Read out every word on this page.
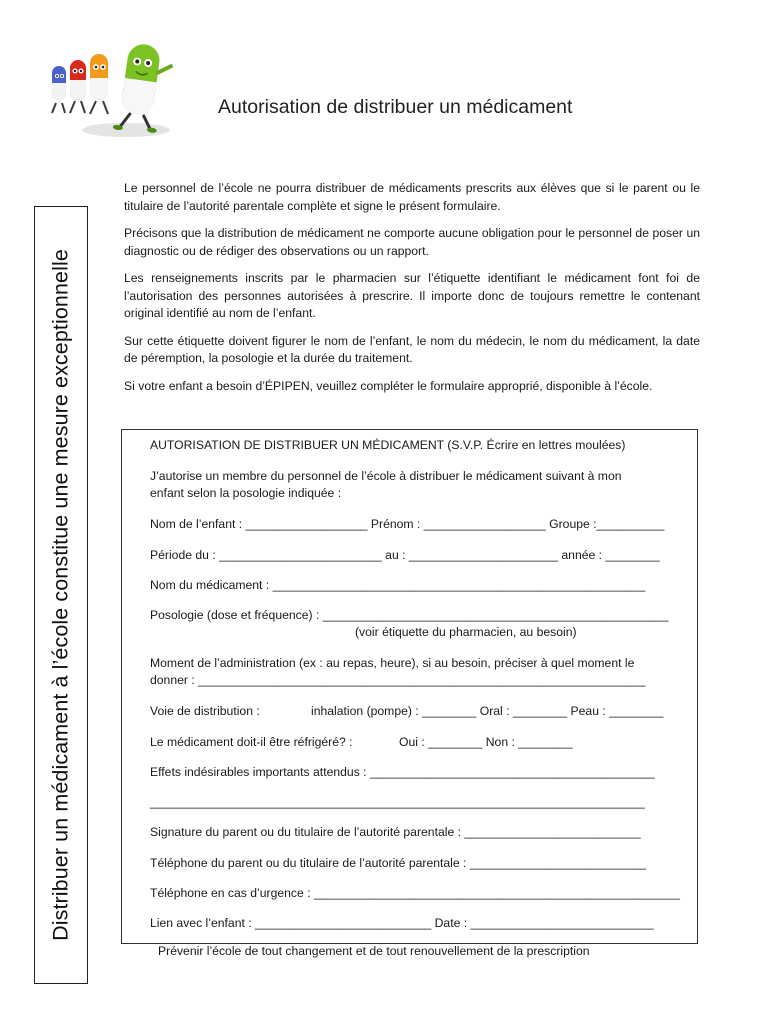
Autorisation de distribuer un médicament
Distribuer un médicament à l’école constitue une mesure exceptionnelle

Le personnel de l’école ne pourra distribuer de médicaments prescrits aux élèves que si le parent ou le titulaire de l’autorité parentale complète et signe le présent formulaire.

Précisons que la distribution de médicament ne comporte aucune obligation pour le personnel de poser un diagnostic ou de rédiger des observations ou un rapport.

Les renseignements inscrits par le pharmacien sur l’étiquette identifiant le médicament font foi de l’autorisation des personnes autorisées à prescrire. Il importe donc de toujours remettre le contenant original identifié au nom de l’enfant.

Sur cette étiquette doivent figurer le nom de l’enfant, le nom du médecin, le nom du médicament, la date de péremption, la posologie et la durée du traitement.

Si votre enfant a besoin d’ÉPIPEN, veuillez compléter le formulaire approprié, disponible à l’école.

AUTORISATION DE DISTRIBUER UN MÉDICAMENT (S.V.P. Écrire en lettres moulées)
J’autorise un membre du personnel de l’école à distribuer le médicament suivant à mon
enfant selon la posologie indiquée :
Nom de l’enfant : __________________ Prénom : __________________ Groupe :__________
Période du : ________________________ au : ______________________ année : ________
Nom du médicament : _______________________________________________________
Posologie (dose et fréquence) : ___________________________________________________
(voir étiquette du pharmacien, au besoin)
Moment de l’administration (ex : au repas, heure), si au besoin, préciser à quel moment le
donner : __________________________________________________________________
Voie de distribution :	inhalation (pompe) : ________ Oral : ________ Peau : ________
Le médicament doit-il être réfrigéré? :	Oui : ________ Non : ________
Effets indésirables importants attendus : __________________________________________
_________________________________________________________________________
Signature du parent ou du titulaire de l’autorité parentale : __________________________
Téléphone du parent ou du titulaire de l’autorité parentale : __________________________
Téléphone en cas d’urgence : ______________________________________________________
Lien avec l’enfant : __________________________ Date : ___________________________
Prévenir l’école de tout changement et de tout renouvellement de la prescription
